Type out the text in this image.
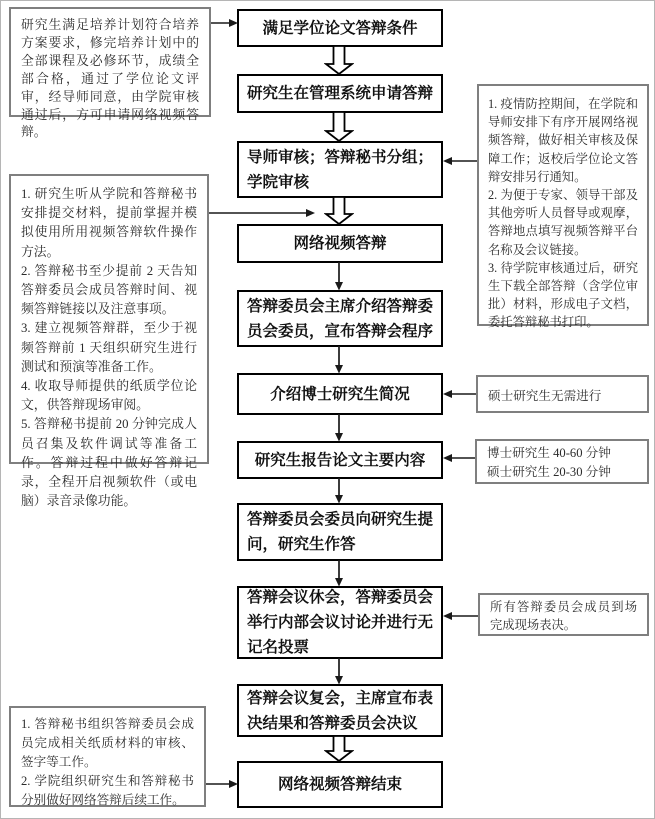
满足学位论文答辩条件
研究生在管理系统申请答辩
导师审核；答辩秘书分组；学院审核
网络视频答辩
答辩委员会主席介绍答辩委员会委员，宣布答辩会程序
介绍博士研究生简况
研究生报告论文主要内容
答辩委员会委员向研究生提问，研究生作答
答辩会议休会，答辩委员会举行内部会议讨论并进行无记名投票
答辩会议复会，主席宣布表决结果和答辩委员会决议
网络视频答辩结束
研究生满足培养计划符合培养方案要求，修完培养计划中的全部课程及必修环节，成绩全部合格，通过了学位论文评审，经导师同意，由学院审核通过后，方可申请网络视频答辩。
1. 研究生听从学院和答辩秘书安排提交材料，提前掌握并模拟使用所用视频答辩软件操作方法。
2. 答辩秘书至少提前 2 天告知答辩委员会成员答辩时间、视频答辩链接以及注意事项。
3. 建立视频答辩群，至少于视频答辩前 1 天组织研究生进行测试和预演等准备工作。
4. 收取导师提供的纸质学位论文，供答辩现场审阅。
5. 答辩秘书提前 20 分钟完成人员召集及软件调试等准备工作。答辩过程中做好答辩记录，全程开启视频软件（或电脑）录音录像功能。
1. 疫情防控期间，在学院和导师安排下有序开展网络视频答辩，做好相关审核及保障工作；返校后学位论文答辩安排另行通知。
2. 为便于专家、领导干部及其他旁听人员督导或观摩，答辩地点填写视频答辩平台名称及会议链接。
3. 待学院审核通过后，研究生下载全部答辩（含学位审批）材料，形成电子文档，委托答辩秘书打印。
硕士研究生无需进行
博士研究生 40-60 分钟
硕士研究生 20-30 分钟
所有答辩委员会成员到场完成现场表决。
1. 答辩秘书组织答辩委员会成员完成相关纸质材料的审核、签字等工作。
2. 学院组织研究生和答辩秘书分别做好网络答辩后续工作。
